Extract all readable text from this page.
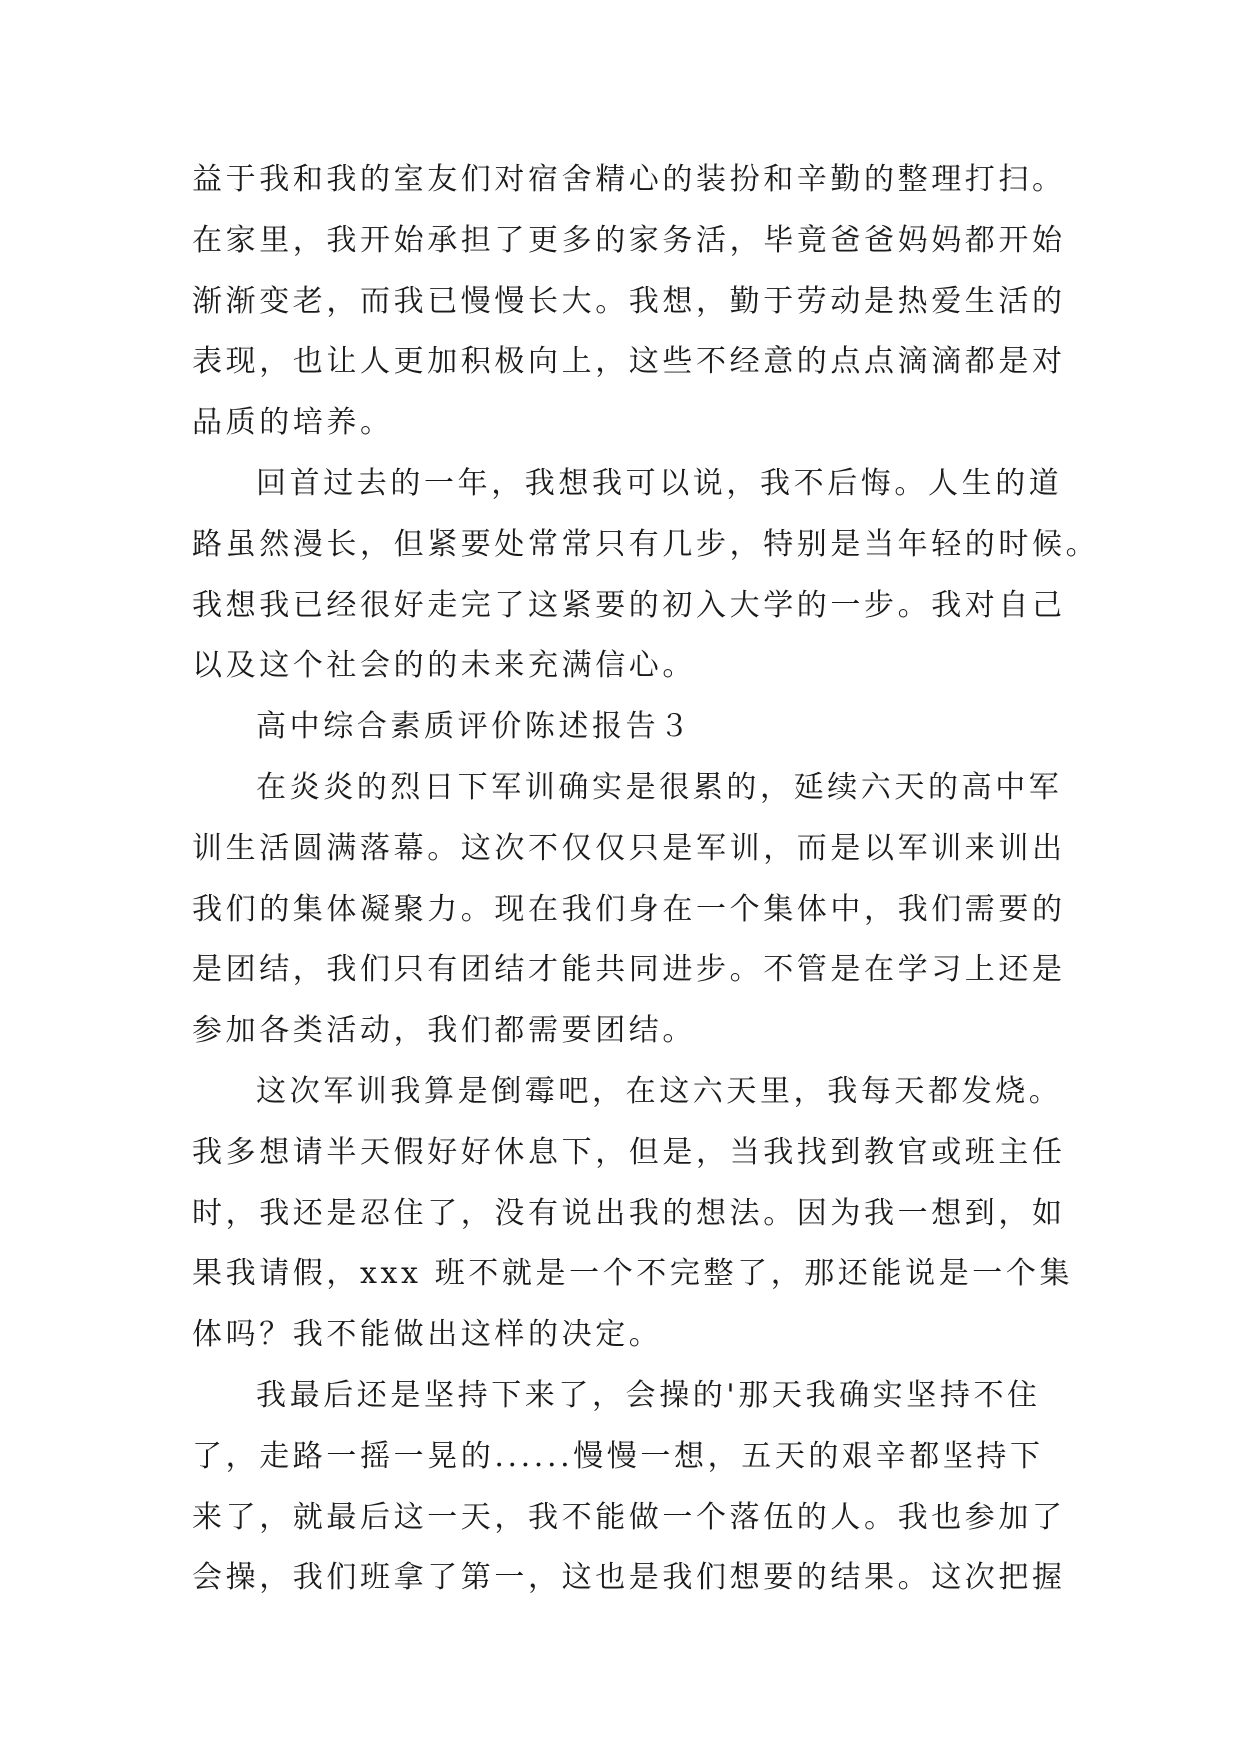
益于我和我的室友们对宿舍精心的装扮和辛勤的整理打扫。
在家里，我开始承担了更多的家务活，毕竟爸爸妈妈都开始
渐渐变老，而我已慢慢长大。我想，勤于劳动是热爱生活的
表现，也让人更加积极向上，这些不经意的点点滴滴都是对
品质的培养。
回首过去的一年，我想我可以说，我不后悔。人生的道
路虽然漫长，但紧要处常常只有几步，特别是当年轻的时候。
我想我已经很好走完了这紧要的初入大学的一步。我对自己
以及这个社会的的未来充满信心。
高中综合素质评价陈述报告３
在炎炎的烈日下军训确实是很累的，延续六天的高中军
训生活圆满落幕。这次不仅仅只是军训，而是以军训来训出
我们的集体凝聚力。现在我们身在一个集体中，我们需要的
是团结，我们只有团结才能共同进步。不管是在学习上还是
参加各类活动，我们都需要团结。
这次军训我算是倒霉吧，在这六天里，我每天都发烧。
我多想请半天假好好休息下，但是，当我找到教官或班主任
时，我还是忍住了，没有说出我的想法。因为我一想到，如
果我请假，xxx 班不就是一个不完整了，那还能说是一个集
体吗？我不能做出这样的决定。
我最后还是坚持下来了，会操的'那天我确实坚持不住
了，走路一摇一晃的......慢慢一想，五天的艰辛都坚持下
来了，就最后这一天，我不能做一个落伍的人。我也参加了
会操，我们班拿了第一，这也是我们想要的结果。这次把握
